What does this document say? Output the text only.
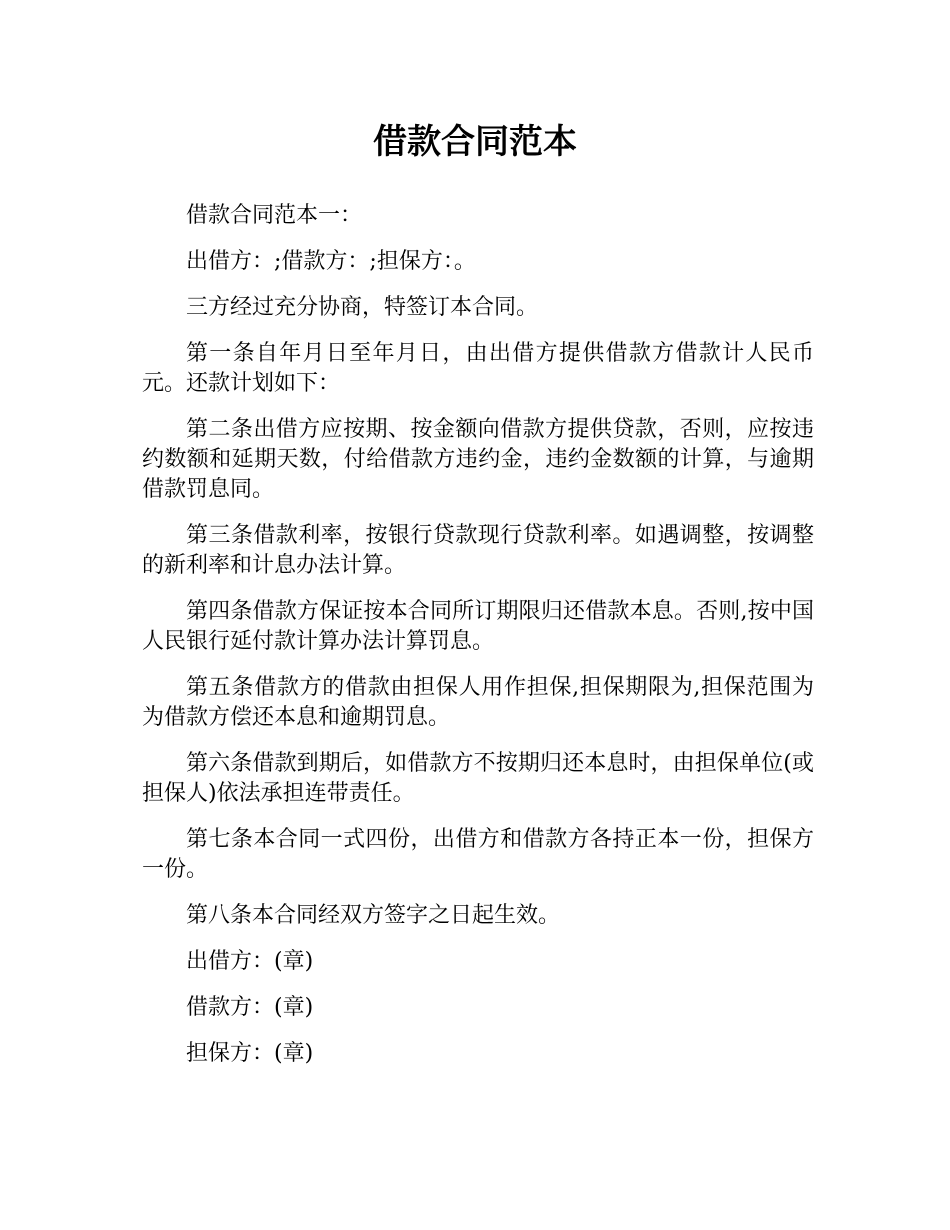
借款合同范本

借款合同范本一：

出借方：;借款方：;担保方：。

三方经过充分协商，特签订本合同。

第一条自年月日至年月日，由出借方提供借款方借款计人民币元。还款计划如下：

第二条出借方应按期、按金额向借款方提供贷款，否则，应按违约数额和延期天数，付给借款方违约金，违约金数额的计算，与逾期借款罚息同。

第三条借款利率，按银行贷款现行贷款利率。如遇调整，按调整的新利率和计息办法计算。

第四条借款方保证按本合同所订期限归还借款本息。否则,按中国人民银行延付款计算办法计算罚息。

第五条借款方的借款由担保人用作担保,担保期限为,担保范围为为借款方偿还本息和逾期罚息。

第六条借款到期后，如借款方不按期归还本息时，由担保单位(或担保人)依法承担连带责任。

第七条本合同一式四份，出借方和借款方各持正本一份，担保方一份。

第八条本合同经双方签字之日起生效。

出借方：(章)

借款方：(章)

担保方：(章)
